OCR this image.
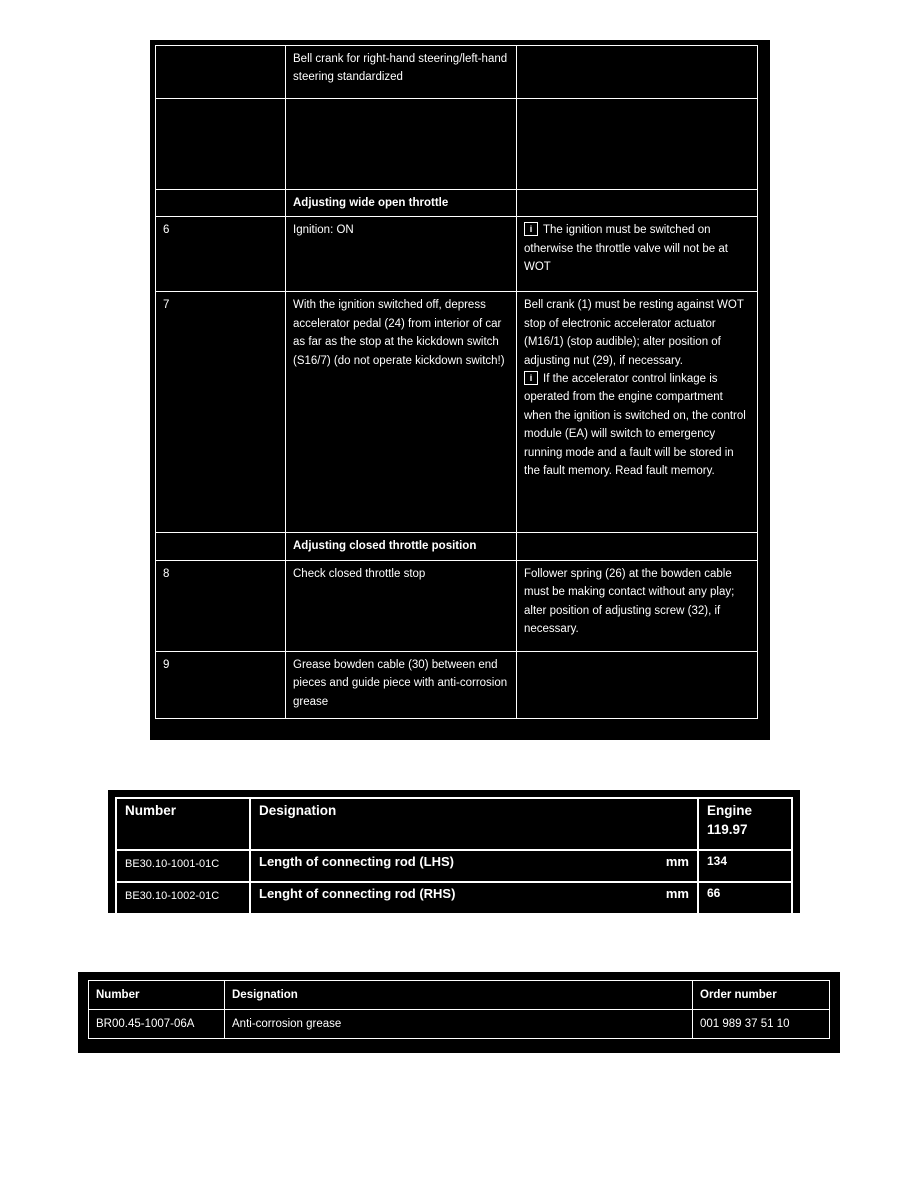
	Bell crank for right-hand steering/left-hand steering standardized	

	Adjusting wide open throttle	
6	Ignition: ON	i The ignition must be switched on otherwise the throttle valve will not be at WOT
7	With the ignition switched off, depress accelerator pedal (24) from interior of car as far as the stop at the kickdown switch (S16/7) (do not operate kickdown switch!)	Bell crank (1) must be resting against WOT stop of electronic accelerator actuator (M16/1) (stop audible); alter position of adjusting nut (29), if necessary.
i If the accelerator control linkage is operated from the engine compartment when the ignition is switched on, the control module (EA) will switch to emergency running mode and a fault will be stored in the fault memory. Read fault memory.
	Adjusting closed throttle position	
8	Check closed throttle stop	Follower spring (26) at the bowden cable must be making contact without any play; alter position of adjusting screw (32), if necessary.
9	Grease bowden cable (30) between end pieces and guide piece with anti-corrosion grease	
Number	Designation	Engine
119.97

BE30.10-1001-01C	Length of connecting rod (LHS) mm	134
BE30.10-1002-01C	Lenght of connecting rod (RHS) mm	66
Number	Designation	Order number
BR00.45-1007-06A	Anti-corrosion grease	001 989 37 51 10
